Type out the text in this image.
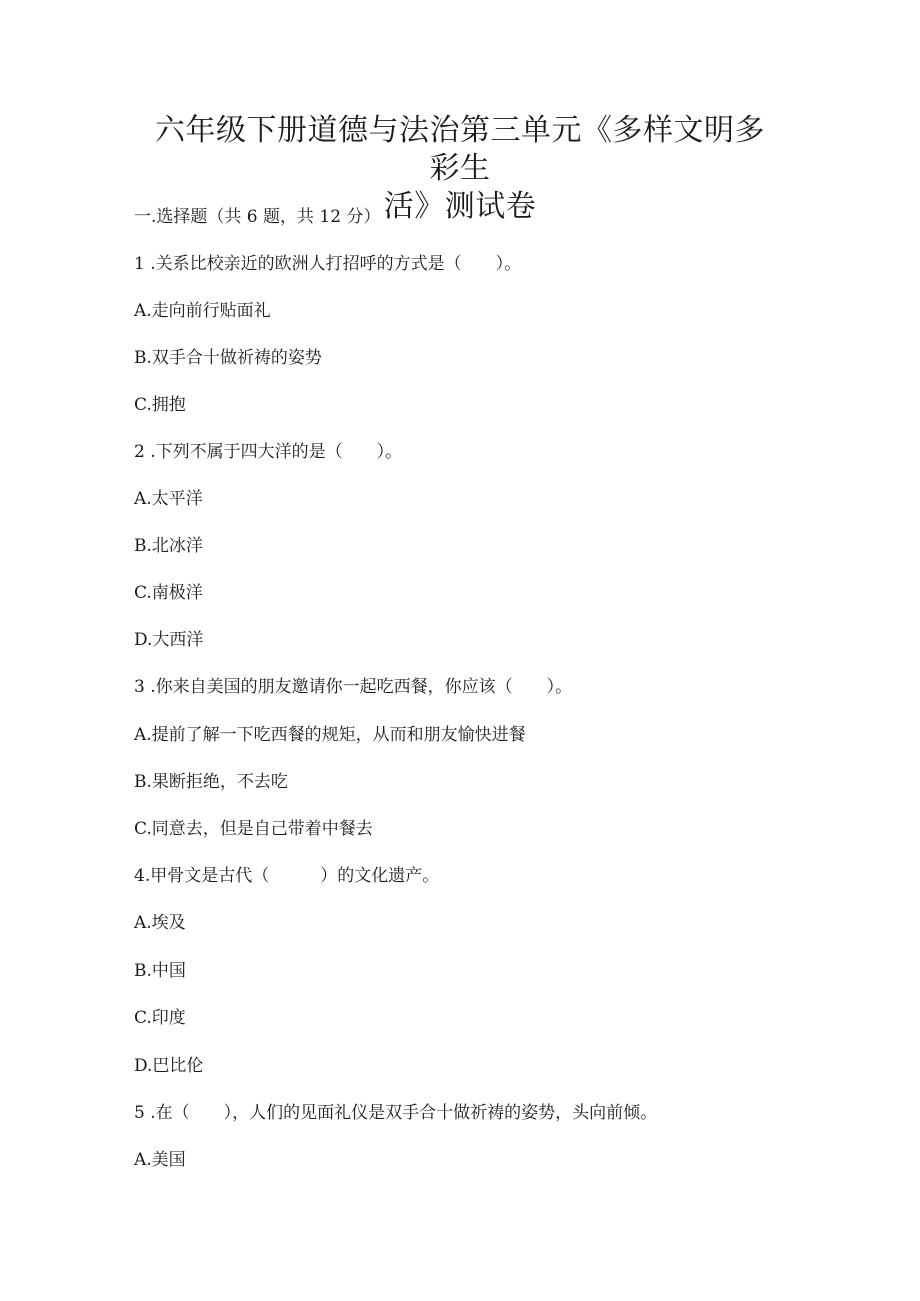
六年级下册道德与法治第三单元《多样文明多彩生
活》测试卷
一.选择题（共 6 题，共 12 分）
1 .关系比校亲近的欧洲人打招呼的方式是（　　）。
A.走向前行贴面礼
B.双手合十做祈祷的姿势
C.拥抱
2 .下列不属于四大洋的是（　　）。
A.太平洋
B.北冰洋
C.南极洋
D.大西洋
3 .你来自美国的朋友邀请你一起吃西餐，你应该（　　）。
A.提前了解一下吃西餐的规矩，从而和朋友愉快进餐
B.果断拒绝，不去吃
C.同意去，但是自己带着中餐去
4.甲骨文是古代（　　　）的文化遗产。
A.埃及
B.中国
C.印度
D.巴比伦
5 .在（　　），人们的见面礼仪是双手合十做祈祷的姿势，头向前倾。
A.美国
